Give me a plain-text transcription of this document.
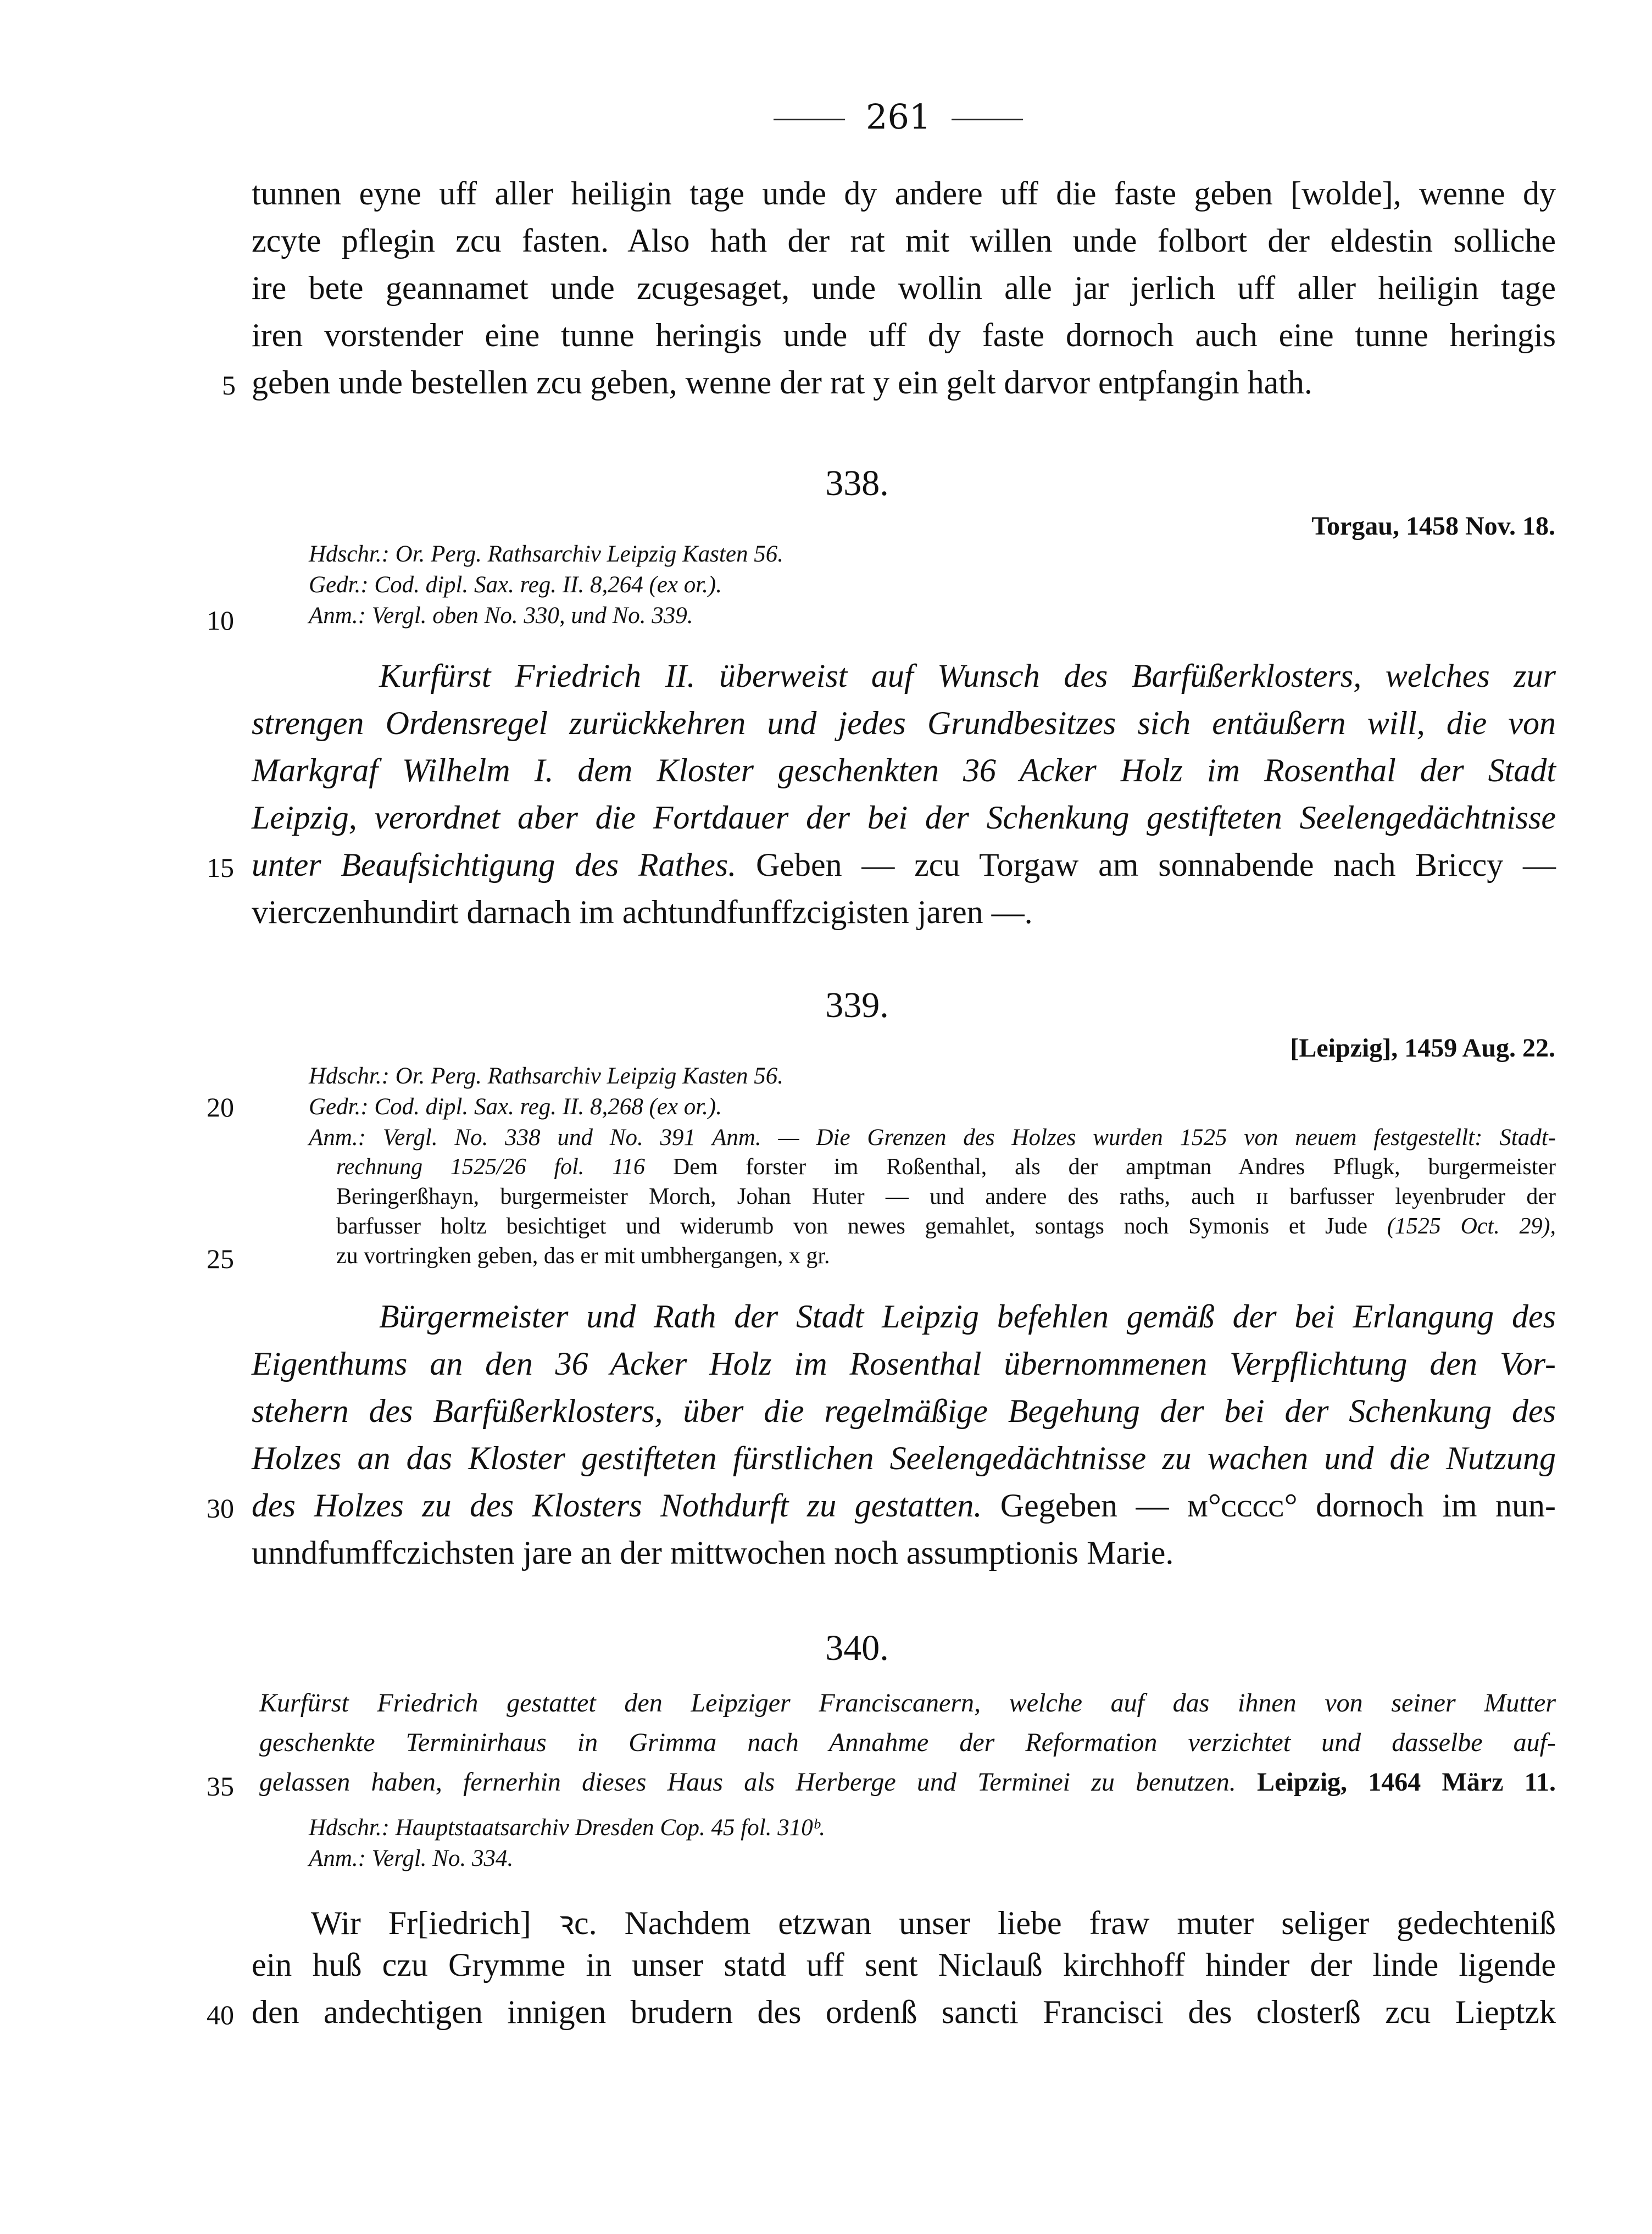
261
tunnen eyne uff aller heiligin tage unde dy andere uff die faste geben [wolde], wenne dy
zcyte pflegin zcu fasten. Also hath der rat mit willen unde folbort der eldestin solliche
ire bete geannamet unde zcugesaget, unde wollin alle jar jerlich uff aller heiligin tage
iren vorstender eine tunne heringis unde uff dy faste dornoch auch eine tunne heringis
geben unde bestellen zcu geben, wenne der rat y ein gelt darvor entpfangin hath.
5
338.
Torgau, 1458 Nov. 18.
Hdschr.: Or. Perg. Rathsarchiv Leipzig Kasten 56.
Gedr.: Cod. dipl. Sax. reg. II. 8,264 (ex or.).
Anm.: Vergl. oben No. 330, und No. 339.
10
Kurfürst Friedrich II. überweist auf Wunsch des Barfüßerklosters, welches zur
strengen Ordensregel zurückkehren und jedes Grundbesitzes sich entäußern will, die von
Markgraf Wilhelm I. dem Kloster geschenkten 36 Acker Holz im Rosenthal der Stadt
Leipzig, verordnet aber die Fortdauer der bei der Schenkung gestifteten Seelengedächtnisse
unter Beaufsichtigung des Rathes. Geben — zcu Torgaw am sonnabende nach Briccy —
15
vierczenhundirt darnach im achtundfunffzcigisten jaren —.
339.
[Leipzig], 1459 Aug. 22.
Hdschr.: Or. Perg. Rathsarchiv Leipzig Kasten 56.
20	Gedr.: Cod. dipl. Sax. reg. II. 8,268 (ex or.).
Anm.: Vergl. No. 338 und No. 391 Anm. — Die Grenzen des Holzes wurden 1525 von neuem festgestellt: Stadt-
rechnung 1525/26 fol. 116 Dem forster im Roßenthal, als der amptman Andres Pflugk, burgermeister
Beringerßhayn, burgermeister Morch, Johan Huter — und andere des raths, auch ɪɪ barfusser leyenbruder der
barfusser holtz besichtiget und widerumb von newes gemahlet, sontags noch Symonis et Jude (1525 Oct. 29),
zu vortringken geben, das er mit umbhergangen, x gr.
25
Bürgermeister und Rath der Stadt Leipzig befehlen gemäß der bei Erlangung des
Eigenthums an den 36 Acker Holz im Rosenthal übernommenen Verpflichtung den Vor-
stehern des Barfüßerklosters, über die regelmäßige Begehung der bei der Schenkung des
Holzes an das Kloster gestifteten fürstlichen Seelengedächtnisse zu wachen und die Nutzung
des Holzes zu des Klosters Nothdurft zu gestatten. Gegeben — ᴍ°ᴄᴄᴄᴄ° dornoch im nun-
30
unndfumffczichsten jare an der mittwochen noch assumptionis Marie.
340.
Kurfürst Friedrich gestattet den Leipziger Franciscanern, welche auf das ihnen von seiner Mutter
geschenkte Terminirhaus in Grimma nach Annahme der Reformation verzichtet und dasselbe auf-
gelassen haben, fernerhin dieses Haus als Herberge und Terminei zu benutzen. Leipzig, 1464 März 11.
35
Hdschr.: Hauptstaatsarchiv Dresden Cop. 45 fol. 310ᵇ.
Anm.: Vergl. No. 334.
Wir Fr[iedrich] ꝛc. Nachdem etzwan unser liebe fraw muter seliger gedechteniß
ein huß czu Grymme in unser statd uff sent Niclauß kirchhoff hinder der linde ligende
den andechtigen innigen brudern des ordenß sancti Francisci des closterß zcu Lieptzk
40
